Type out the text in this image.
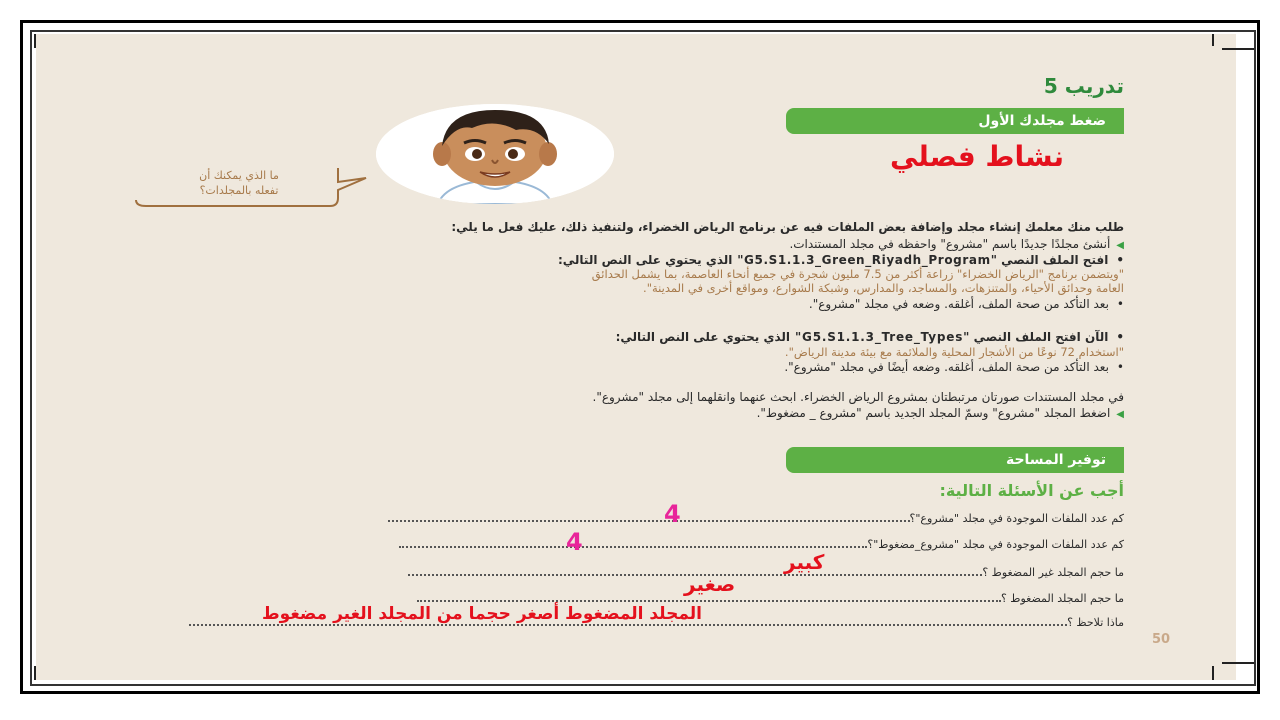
تدريب 5
ضغط مجلدك الأول
نشاط فصلي
ما الذي يمكنك أن
تفعله بالمجلدات؟
طلب منك معلمك إنشاء مجلد وإضافة بعض الملفات فيه عن برنامج الرياض الخضراء، ولتنفيذ ذلك، عليك فعل ما يلي:
◀أنشئ مجلدًا جديدًا باسم "مشروع" واحفظه في مجلد المستندات.
•افتح الملف النصي "G5.S1.1.3_Green_Riyadh_Program" الذي يحتوي على النص التالي:
"ويتضمن برنامج "الرياض الخضراء" زراعة أكثر من 7.5 مليون شجرة في جميع أنحاء العاصمة، بما يشمل الحدائق
العامة وحدائق الأحياء، والمتنزهات، والمساجد، والمدارس، وشبكة الشوارع، ومواقع أخرى في المدينة".
•بعد التأكد من صحة الملف، أغلقه. وضعه في مجلد "مشروع".
•الآن افتح الملف النصي "G5.S1.1.3_Tree_Types" الذي يحتوي على النص التالي:
"استخدام 72 نوعًا من الأشجار المحلية والملائمة مع بيئة مدينة الرياض".
•بعد التأكد من صحة الملف، أغلقه. وضعه أيضًا في مجلد "مشروع".
في مجلد المستندات صورتان مرتبطتان بمشروع الرياض الخضراء. ابحث عنهما وانقلهما إلى مجلد "مشروع".
◀اضغط المجلد "مشروع" وسمّ المجلد الجديد باسم "مشروع _ مضغوط".
توفير المساحة
أجب عن الأسئلة التالية:
كم عدد الملفات الموجودة في مجلد "مشروع"؟
4
كم عدد الملفات الموجودة في مجلد "مشروع_مضغوط"؟
4
ما حجم المجلد غير المضغوط ؟
كبير
ما حجم المجلد المضغوط ؟
صغير
ماذا تلاحظ ؟
المجلد المضغوط أصغر حجما من المجلد الغير مضغوط
50
